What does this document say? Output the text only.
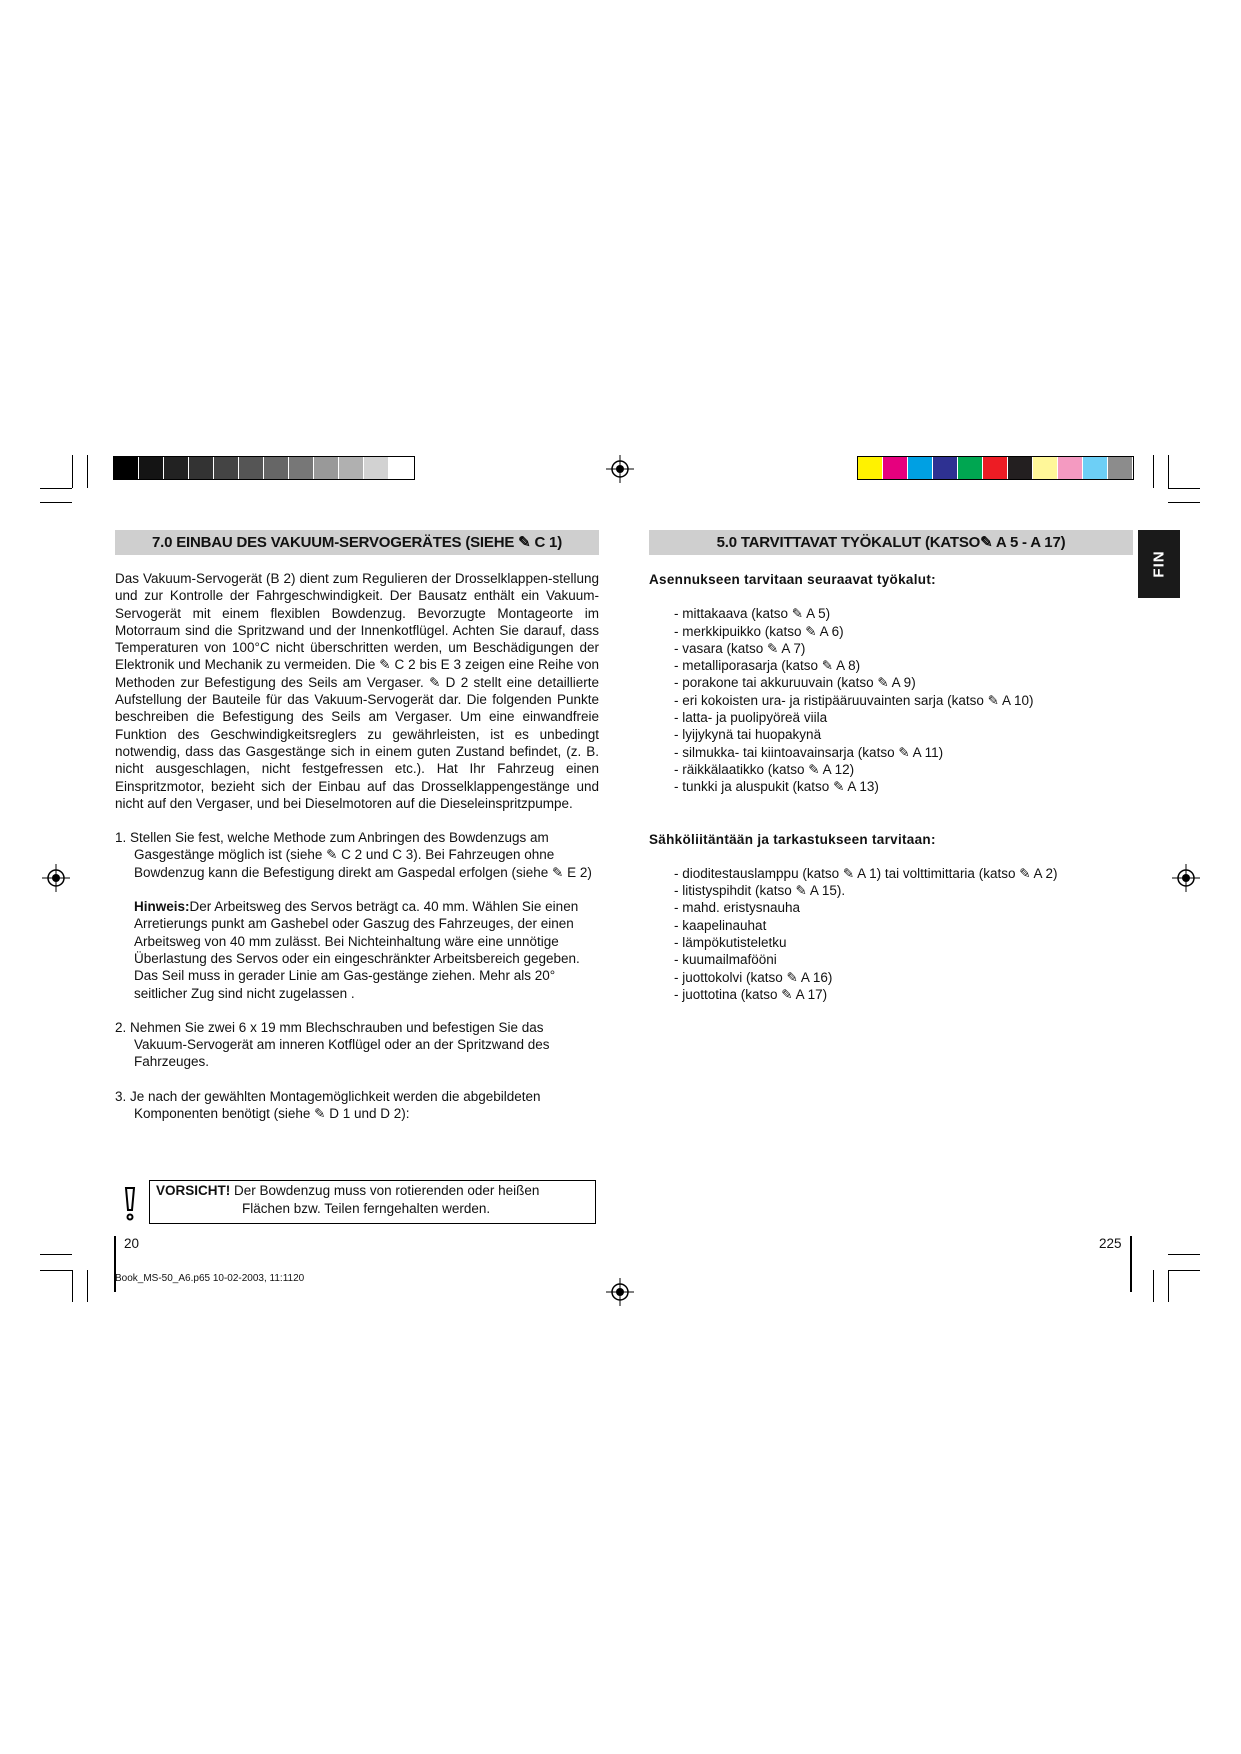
7.0 EINBAU DES VAKUUM-SERVOGERÄTES (SIEHE ✎ C 1)

Das Vakuum-Servogerät (B 2) dient zum Regulieren der Drosselklappen-stellung und zur Kontrolle der Fahrgeschwindigkeit. Der Bausatz enthält ein Vakuum-Servogerät mit einem flexiblen Bowdenzug. Bevorzugte Montageorte im Motorraum sind die Spritzwand und der Innenkotflügel. Achten Sie darauf, dass Temperaturen von 100°C nicht überschritten werden, um Beschädigungen der Elektronik und Mechanik zu vermeiden. Die ✎ C 2 bis E 3 zeigen eine Reihe von Methoden zur Befestigung des Seils am Vergaser. ✎ D 2 stellt eine detaillierte Aufstellung der Bauteile für das Vakuum-Servogerät dar. Die folgenden Punkte beschreiben die Befestigung des Seils am Vergaser. Um eine einwandfreie Funktion des Geschwindigkeitsreglers zu gewährleisten, ist es unbedingt notwendig, dass das Gasgestänge sich in einem guten Zustand befindet, (z. B. nicht ausgeschlagen, nicht festgefressen etc.). Hat Ihr Fahrzeug einen Einspritzmotor, bezieht sich der Einbau auf das Drosselklappengestänge und nicht auf den Vergaser, und bei Dieselmotoren auf die Dieseleinspritzpumpe.

1. Stellen Sie fest, welche Methode zum Anbringen des Bowdenzugs am Gasgestänge möglich ist (siehe ✎ C 2 und C 3). Bei Fahrzeugen ohne Bowdenzug kann die Befestigung direkt am Gaspedal erfolgen (siehe ✎ E 2)

Hinweis:Der Arbeitsweg des Servos beträgt ca. 40 mm. Wählen Sie einen Arretierungs punkt am Gashebel oder Gaszug des Fahrzeuges, der einen Arbeitsweg von 40 mm zulässt. Bei Nichteinhaltung wäre eine unnötige Überlastung des Servos oder ein eingeschränkter Arbeitsbereich gegeben. Das Seil muss in gerader Linie am Gas-gestänge ziehen. Mehr als 20° seitlicher Zug sind nicht zugelassen .

2. Nehmen Sie zwei 6 x 19 mm Blechschrauben und befestigen Sie das Vakuum-Servogerät am inneren Kotflügel oder an der Spritzwand des Fahrzeuges.

3. Je nach der gewählten Montagemöglichkeit werden die abgebildeten Komponenten benötigt (siehe ✎ D 1 und D 2):

VORSICHT! Der Bowdenzug muss von rotierenden oder heißen
Flächen bzw. Teilen ferngehalten werden.
20
Book_MS-50_A6.p65 10-02-2003, 11:1120
5.0 TARVITTAVAT TYÖKALUT (KATSO✎ A 5 - A 17)
FIN

Asennukseen tarvitaan seuraavat työkalut:

- mittakaava (katso ✎ A 5)
- merkkipuikko (katso ✎ A 6)
- vasara (katso ✎ A 7)
- metalliporasarja (katso ✎ A 8)
- porakone tai akkuruuvain (katso ✎ A 9)
- eri kokoisten ura- ja ristipääruuvainten sarja (katso ✎ A 10)
- latta- ja puolipyöreä viila
- lyijykynä tai huopakynä
- silmukka- tai kiintoavainsarja (katso ✎ A 11)
- räikkälaatikko (katso ✎ A 12)
- tunkki ja aluspukit (katso ✎ A 13)

Sähköliitäntään ja tarkastukseen tarvitaan:

- dioditestauslamppu (katso ✎ A 1) tai volttimittaria (katso ✎ A 2)
- litistyspihdit (katso ✎ A 15).
- mahd. eristysnauha
- kaapelinauhat
- lämpökutisteletku
- kuumailmafööni
- juottokolvi (katso ✎ A 16)
- juottotina (katso ✎ A 17)
225
